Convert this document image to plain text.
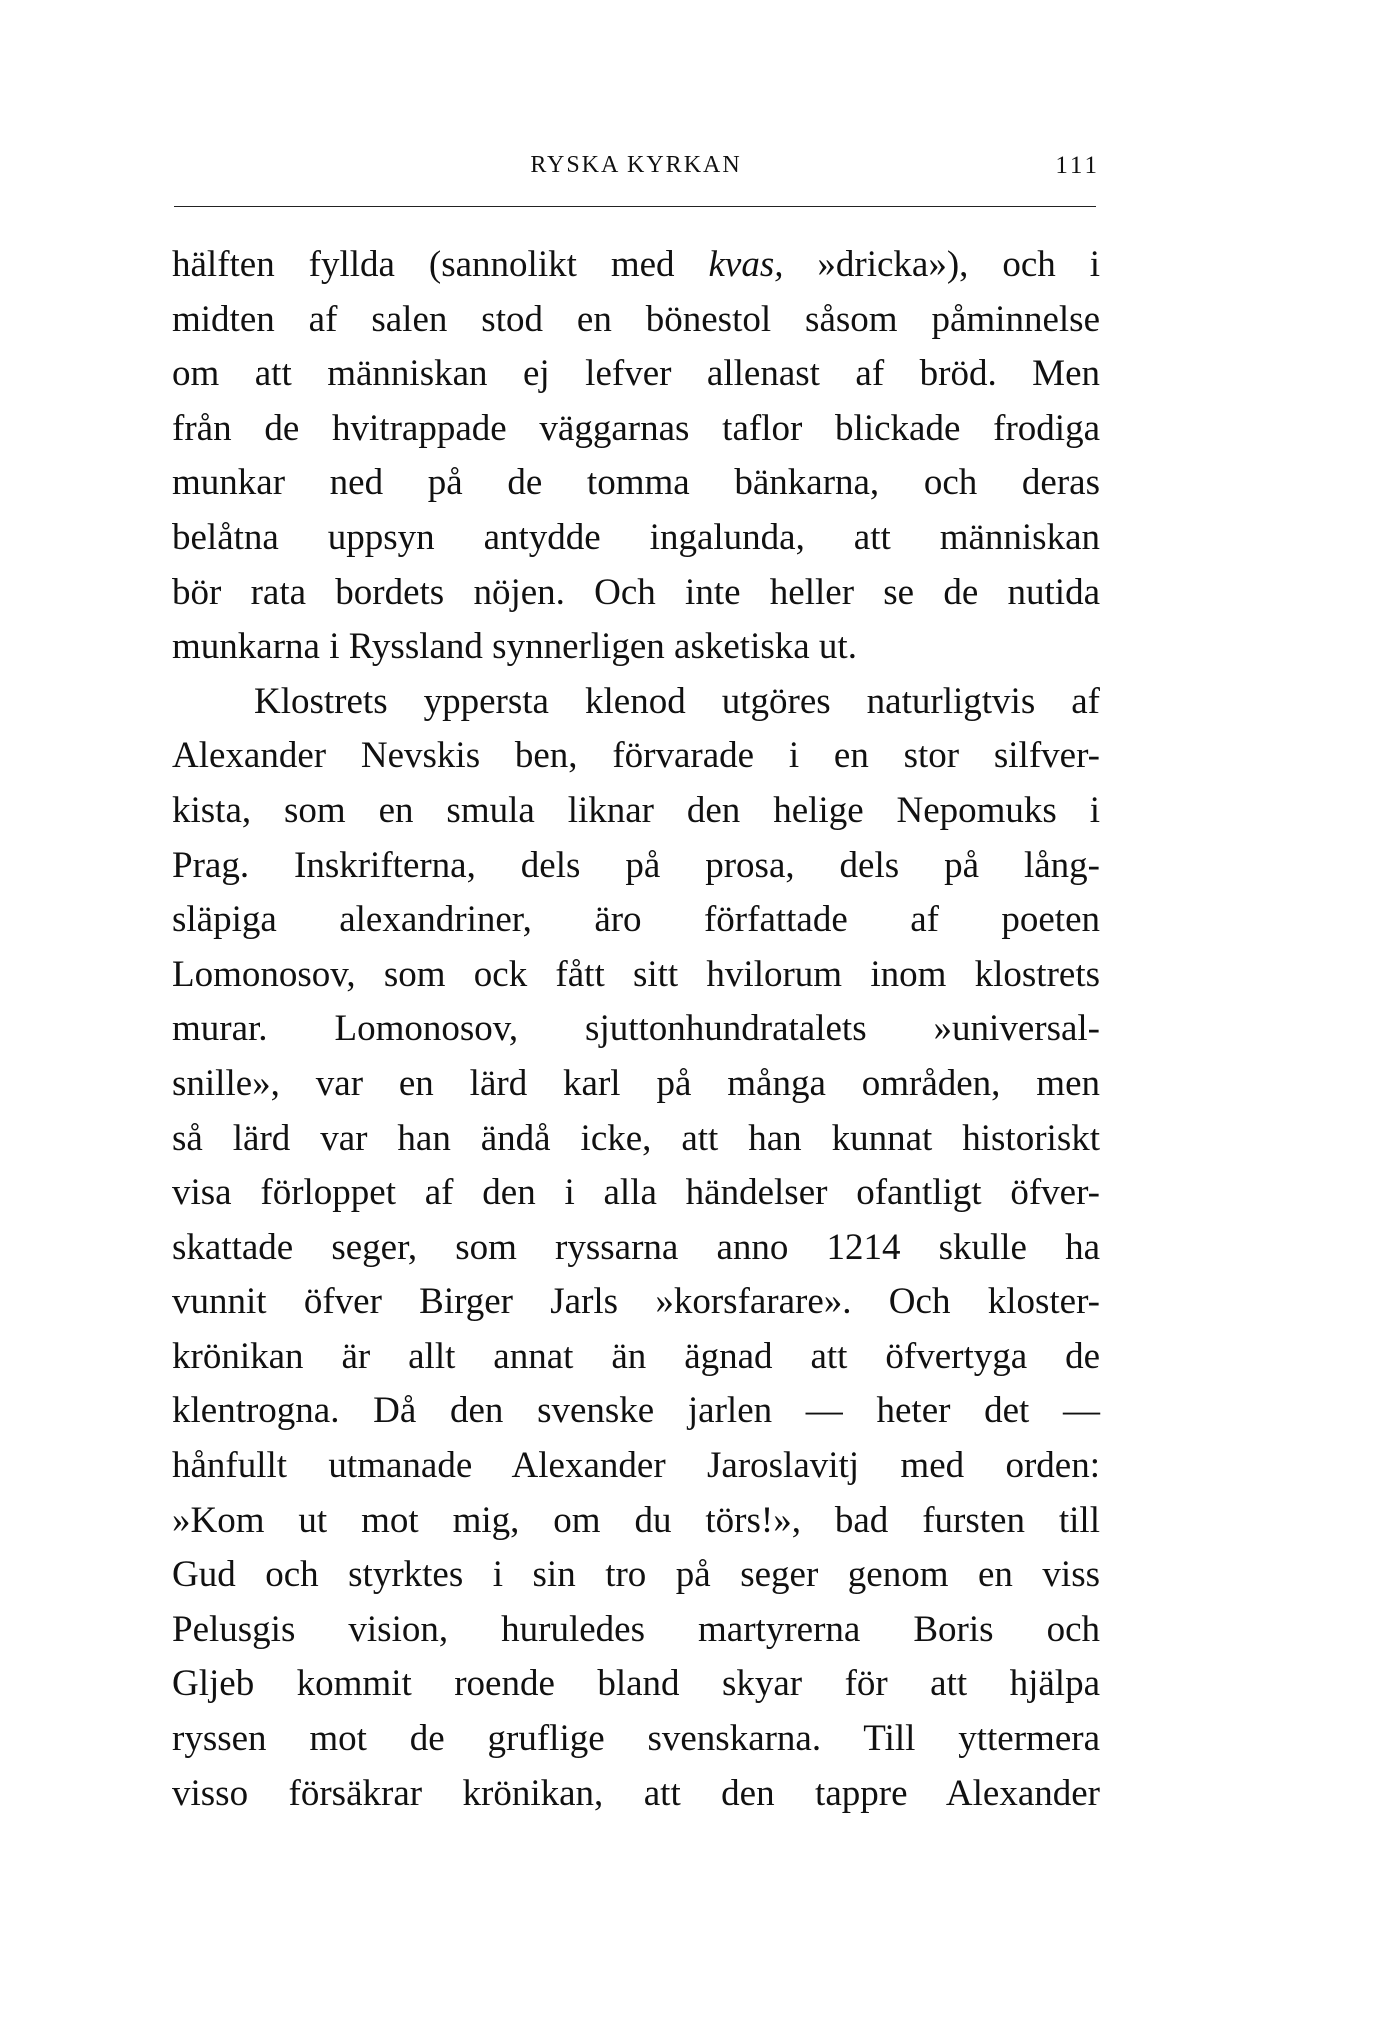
RYSKA KYRKAN	111
hälften fyllda (sannolikt med kvas, »dricka»), och i
midten af salen stod en bönestol såsom påminnelse
om att människan ej lefver allenast af bröd. Men
från de hvitrappade väggarnas taflor blickade frodiga
munkar ned på de tomma bänkarna, och deras
belåtna uppsyn antydde ingalunda, att människan
bör rata bordets nöjen. Och inte heller se de nutida
munkarna i Ryssland synnerligen asketiska ut.
Klostrets yppersta klenod utgöres naturligtvis af
Alexander Nevskis ben, förvarade i en stor silfver-
kista, som en smula liknar den helige Nepomuks i
Prag. Inskrifterna, dels på prosa, dels på lång-
släpiga alexandriner, äro författade af poeten
Lomonosov, som ock fått sitt hvilorum inom klostrets
murar. Lomonosov, sjuttonhundratalets »universal-
snille», var en lärd karl på många områden, men
så lärd var han ändå icke, att han kunnat historiskt
visa förloppet af den i alla händelser ofantligt öfver-
skattade seger, som ryssarna anno 1214 skulle ha
vunnit öfver Birger Jarls »korsfarare». Och kloster-
krönikan är allt annat än ägnad att öfvertyga de
klentrogna. Då den svenske jarlen — heter det —
hånfullt utmanade Alexander Jaroslavitj med orden:
»Kom ut mot mig, om du törs!», bad fursten till
Gud och styrktes i sin tro på seger genom en viss
Pelusgis vision, huruledes martyrerna Boris och
Gljeb kommit roende bland skyar för att hjälpa
ryssen mot de gruflige svenskarna. Till yttermera
visso försäkrar krönikan, att den tappre Alexander
